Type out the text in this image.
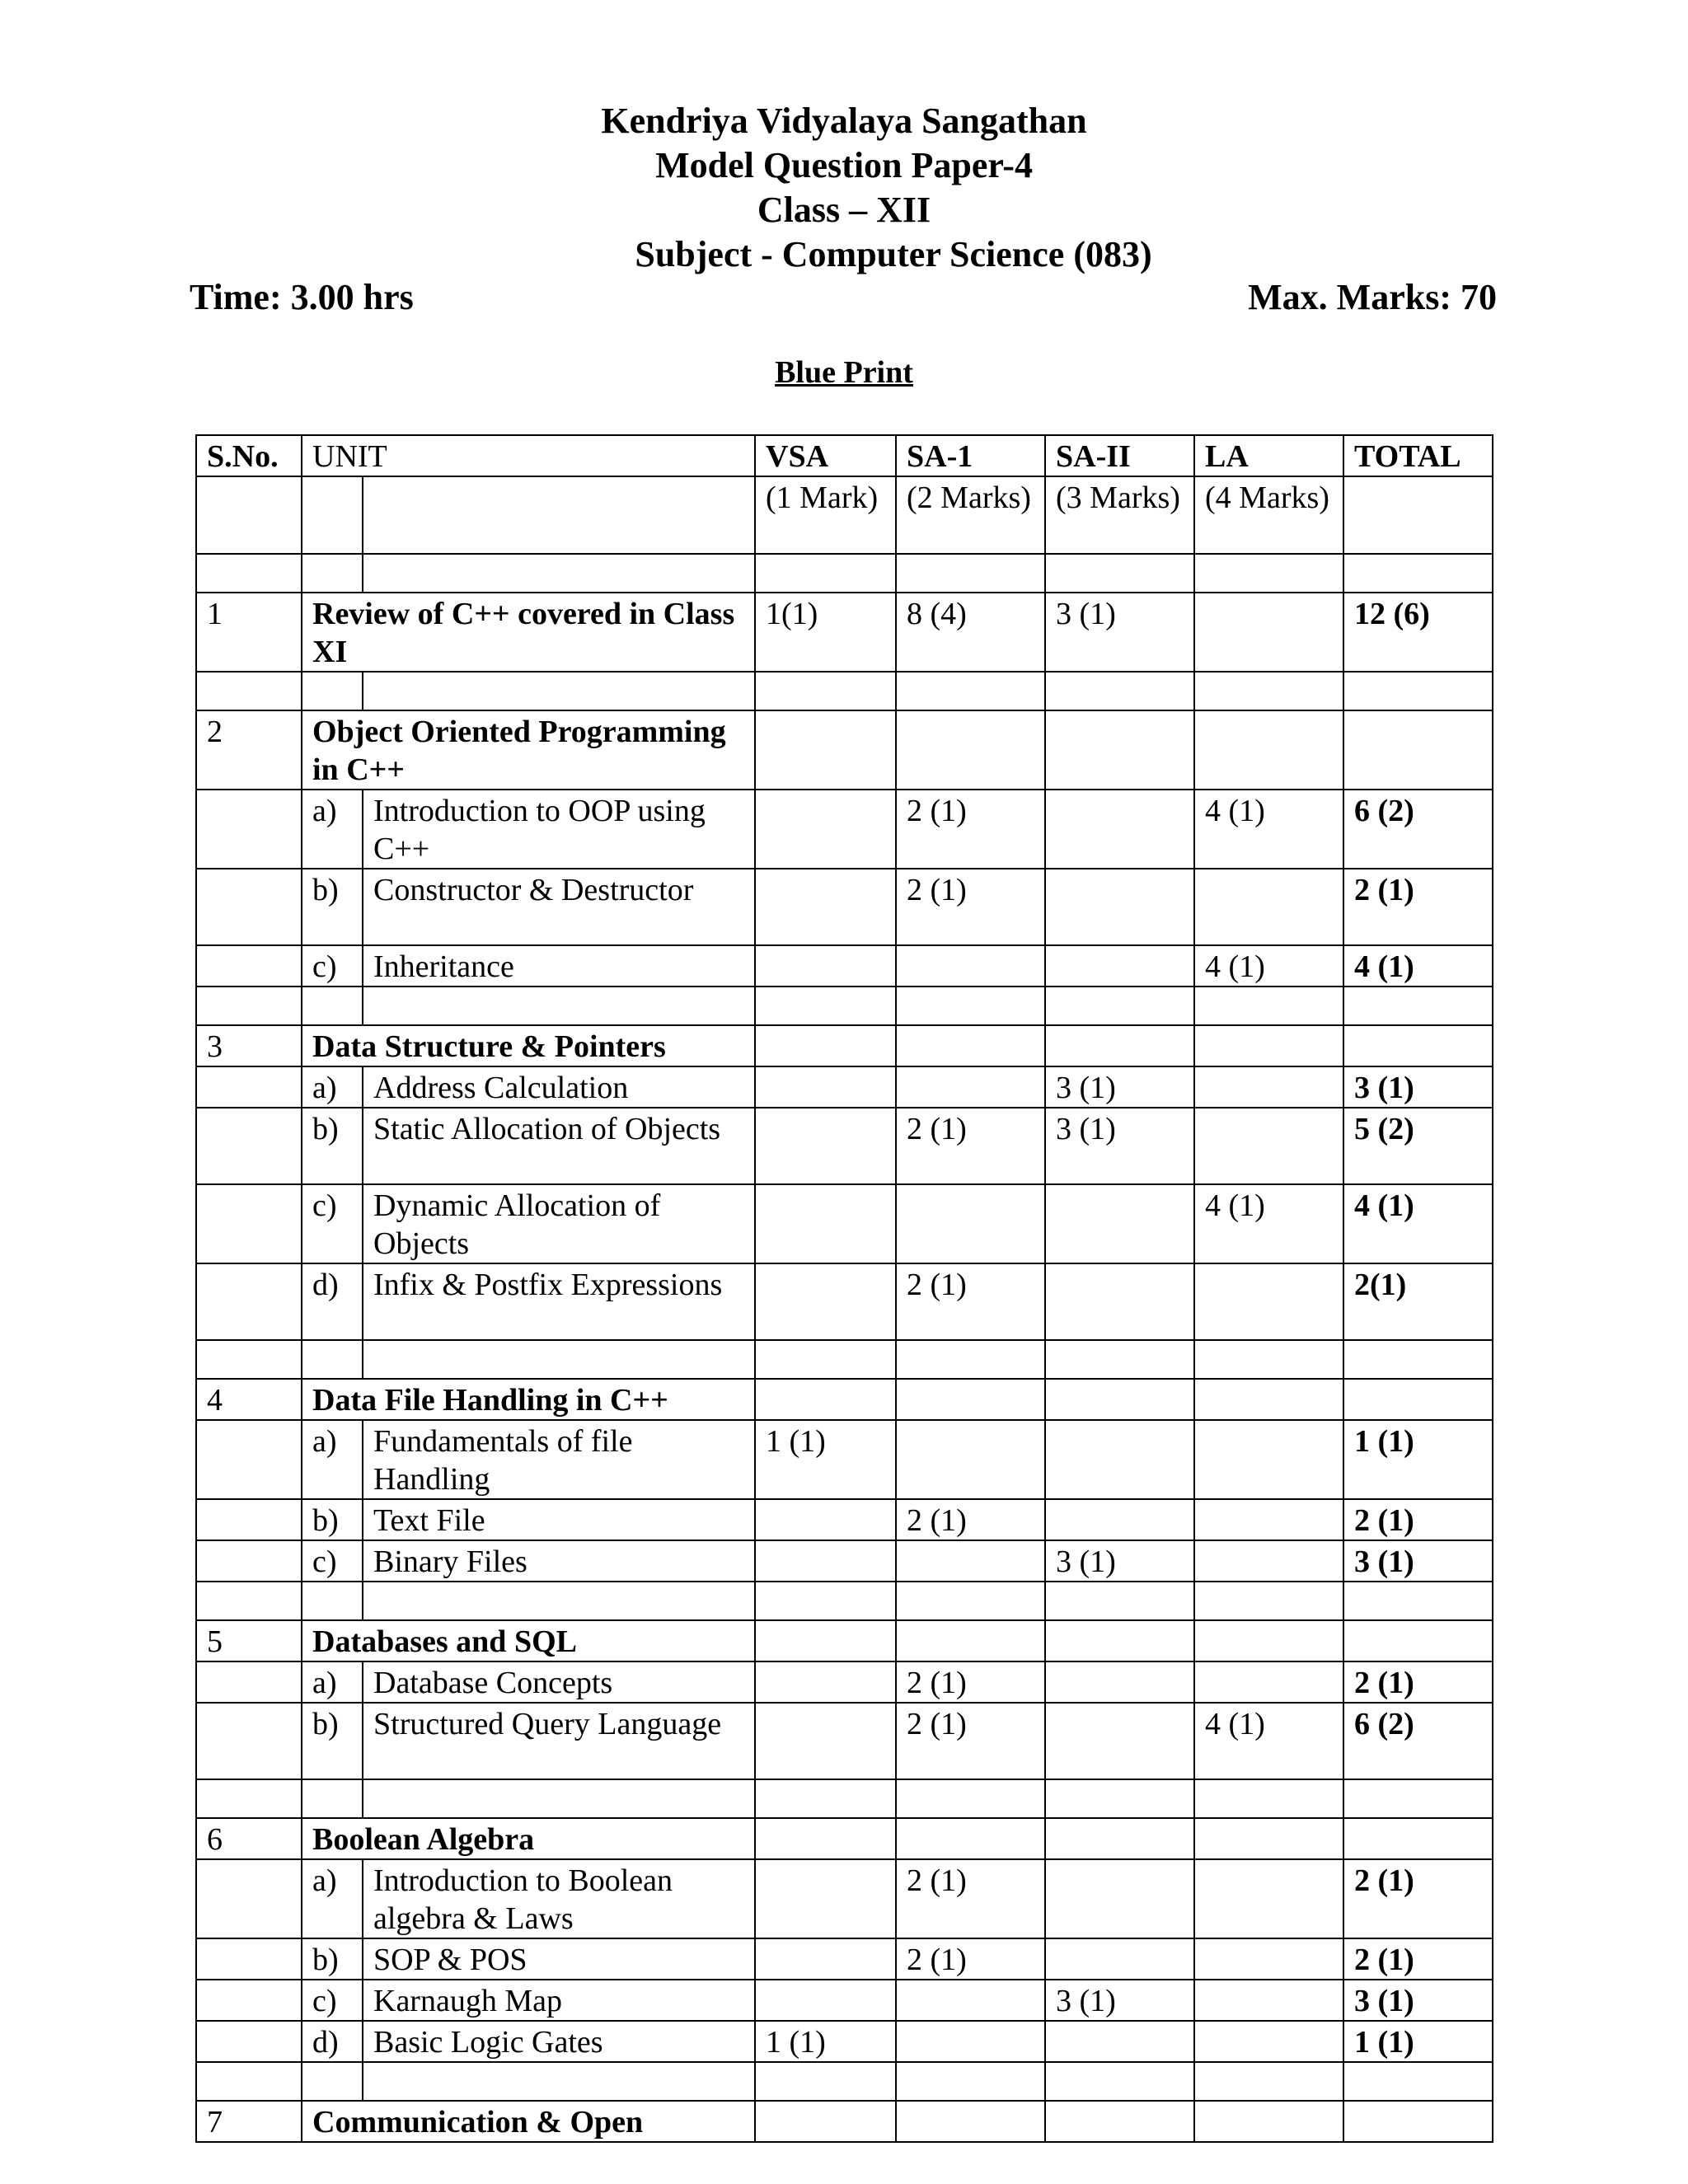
Kendriya Vidyalaya Sangathan
Model Question Paper-4
Class – XII
Subject - Computer Science (083)
Time: 3.00 hrs	Max. Marks: 70
Blue Print
S.No.	UNIT		VSA	SA-1	SA-II	LA	TOTAL
			(1 Mark)	(2 Marks)	(3 Marks)	(4 Marks)	

1	Review of C++ covered in Class XI		1(1)	8 (4)	3 (1)		12 (6)

2	Object Oriented Programming in C++						
	a)	Introduction to OOP using C++		2 (1)		4 (1)	6 (2)
	b)	Constructor & Destructor		2 (1)			2 (1)
	c)	Inheritance				4 (1)	4 (1)

3	Data Structure & Pointers						
	a)	Address Calculation			3 (1)		3 (1)
	b)	Static Allocation of Objects		2 (1)	3 (1)		5 (2)
	c)	Dynamic Allocation of Objects				4 (1)	4 (1)
	d)	Infix & Postfix Expressions		2 (1)			2(1)

4	Data File Handling in C++						
	a)	Fundamentals of file Handling	1 (1)				1 (1)
	b)	Text File		2 (1)			2 (1)
	c)	Binary Files			3 (1)		3 (1)

5	Databases and SQL						
	a)	Database Concepts		2 (1)			2 (1)
	b)	Structured Query Language		2 (1)		4 (1)	6 (2)

6	Boolean Algebra						
	a)	Introduction to Boolean algebra & Laws		2 (1)			2 (1)
	b)	SOP & POS		2 (1)			2 (1)
	c)	Karnaugh Map			3 (1)		3 (1)
	d)	Basic Logic Gates	1 (1)				1 (1)

7	Communication & Open						
